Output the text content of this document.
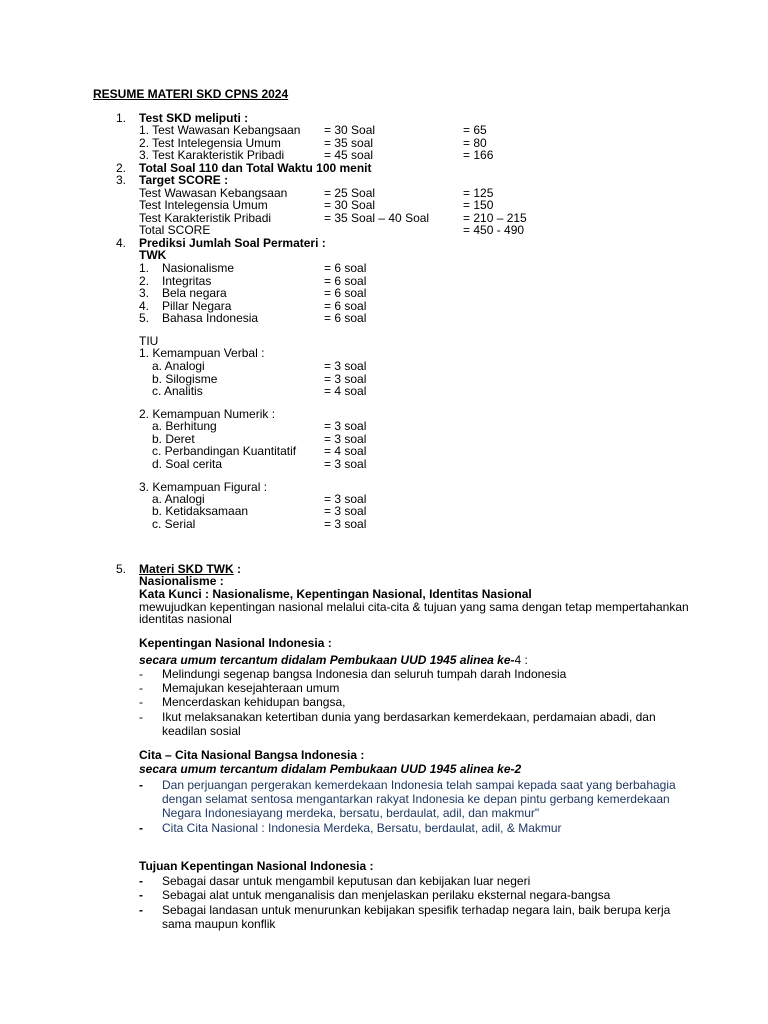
RESUME MATERI SKD CPNS 2024
1. Test SKD meliputi :
1. Test Wawasan Kebangsaan = 30 Soal	= 65
2. Test Intelegensia Umum	= 35 soal	= 80
3. Test Karakteristik Pribadi	= 45 soal	= 166
2. Total Soal 110 dan Total Waktu 100 menit
3. Target SCORE :
Test Wawasan Kebangsaan	= 25 Soal	= 125
Test Intelegensia Umum	= 30 Soal	= 150
Test Karakteristik Pribadi	= 35 Soal – 40 Soal	= 210 – 215
Total SCORE	= 450 - 490
4. Prediksi Jumlah Soal Permateri :
TWK
1. Nasionalisme	= 6 soal
2. Integritas	= 6 soal
3. Bela negara	= 6 soal
4. Pillar Negara	= 6 soal
5. Bahasa Indonesia	= 6 soal
TIU
1. Kemampuan Verbal :
a. Analogi	= 3 soal
b. Silogisme	= 3 soal
c. Analitis	= 4 soal
2. Kemampuan Numerik :
a. Berhitung	= 3 soal
b. Deret	= 3 soal
c. Perbandingan Kuantitatif = 4 soal
d. Soal cerita	= 3 soal
3. Kemampuan Figural :
a. Analogi	= 3 soal
b. Ketidaksamaan	= 3 soal
c. Serial	= 3 soal
5. Materi SKD TWK :
Nasionalisme :
Kata Kunci : Nasionalisme, Kepentingan Nasional, Identitas Nasional
mewujudkan kepentingan nasional melalui cita-cita & tujuan yang sama dengan tetap mempertahankan
identitas nasional
Kepentingan Nasional Indonesia :
secara umum tercantum didalam Pembukaan UUD 1945 alinea ke-4 :
- Melindungi segenap bangsa Indonesia dan seluruh tumpah darah Indonesia
- Memajukan kesejahteraan umum
- Mencerdaskan kehidupan bangsa,
- Ikut melaksanakan ketertiban dunia yang berdasarkan kemerdekaan, perdamaian abadi, dan
keadilan sosial
Cita – Cita Nasional Bangsa Indonesia :
secara umum tercantum didalam Pembukaan UUD 1945 alinea ke-2
- Dan perjuangan pergerakan kemerdekaan Indonesia telah sampai kepada saat yang berbahagia
dengan selamat sentosa mengantarkan rakyat Indonesia ke depan pintu gerbang kemerdekaan
Negara Indonesiayang merdeka, bersatu, berdaulat, adil, dan makmur"
- Cita Cita Nasional : Indonesia Merdeka, Bersatu, berdaulat, adil, & Makmur
Tujuan Kepentingan Nasional Indonesia :
- Sebagai dasar untuk mengambil keputusan dan kebijakan luar negeri
- Sebagai alat untuk menganalisis dan menjelaskan perilaku eksternal negara-bangsa
- Sebagai landasan untuk menurunkan kebijakan spesifik terhadap negara lain, baik berupa kerja
sama maupun konflik
